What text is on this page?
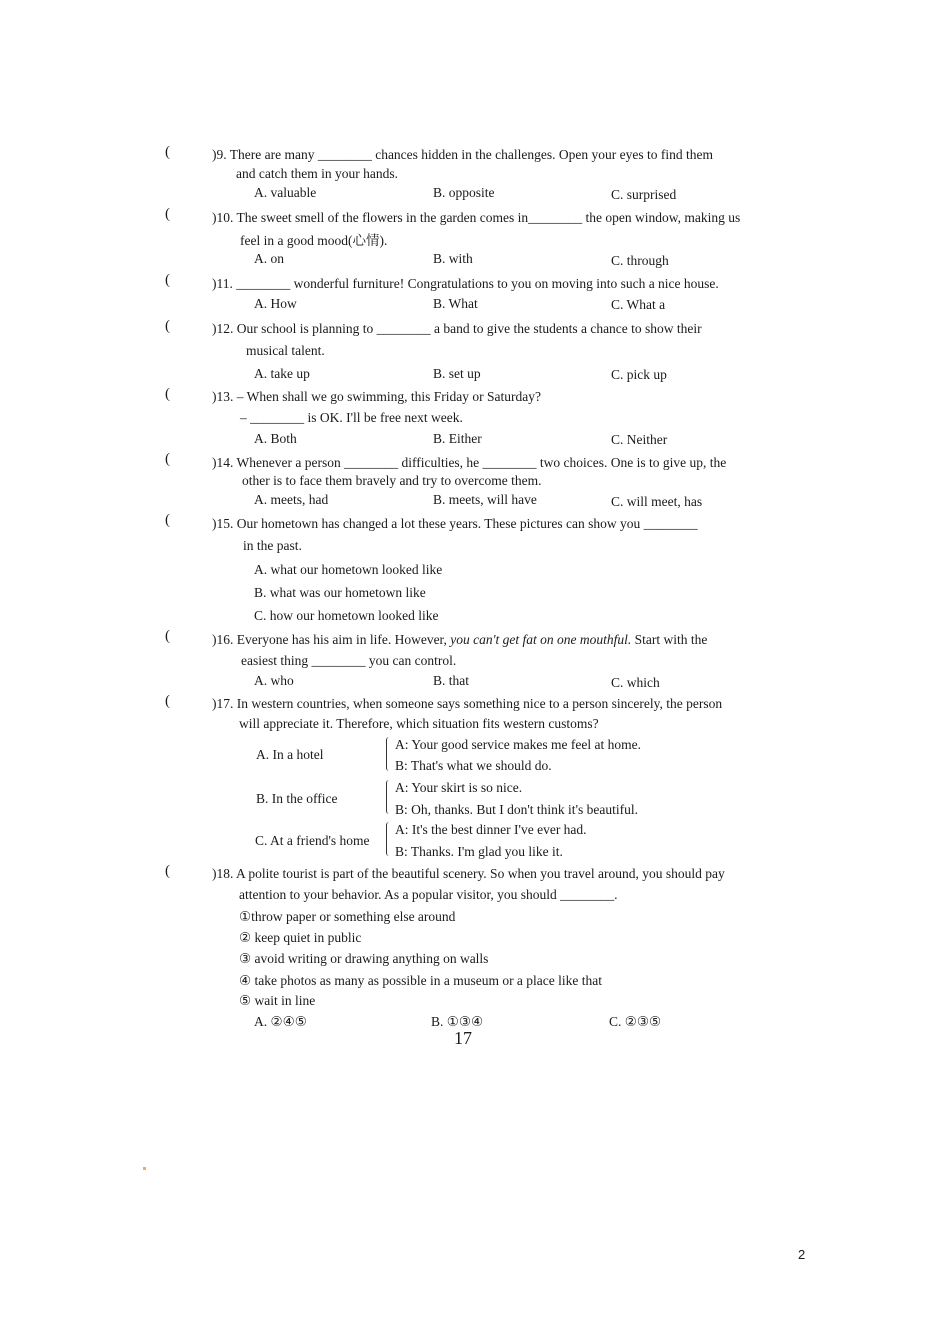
(	)9. There are many ________ chances hidden in the challenges. Open your eyes to find them
and catch them in your hands.
A. valuable	B. opposite	C. surprised
(	)10. The sweet smell of the flowers in the garden comes in________ the open window, making us
feel in a good mood(心情).
A. on	B. with	C. through
(	)11. ________ wonderful furniture! Congratulations to you on moving into such a nice house.
A. How	B. What	C. What a
(	)12. Our school is planning to ________ a band to give the students a chance to show their
musical talent.
A. take up	B. set up	C. pick up
(	)13. – When shall we go swimming, this Friday or Saturday?
– ________ is OK. I'll be free next week.
A. Both	B. Either	C. Neither
(	)14. Whenever a person ________ difficulties, he ________ two choices. One is to give up, the
other is to face them bravely and try to overcome them.
A. meets, had	B. meets, will have	C. will meet, has
(	)15. Our hometown has changed a lot these years. These pictures can show you ________
in the past.
A. what our hometown looked like
B. what was our hometown like
C. how our hometown looked like
(	)16. Everyone has his aim in life. However, you can't get fat on one mouthful. Start with the
easiest thing ________ you can control.
A. who	B. that	C. which
(	)17. In western countries, when someone says something nice to a person sincerely, the person
will appreciate it. Therefore, which situation fits western customs?
A. In a hotel
A: Your good service makes me feel at home.
B: That's what we should do.
B. In the office
A: Your skirt is so nice.
B: Oh, thanks. But I don't think it's beautiful.
C. At a friend's home
A: It's the best dinner I've ever had.
B: Thanks. I'm glad you like it.
(	)18. A polite tourist is part of the beautiful scenery. So when you travel around, you should pay
attention to your behavior. As a popular visitor, you should ________.
①throw paper or something else around
② keep quiet in public
③ avoid writing or drawing anything on walls
④ take photos as many as possible in a museum or a place like that
⑤ wait in line
A. ②④⑤	B. ①③④	C. ②③⑤
17
2
